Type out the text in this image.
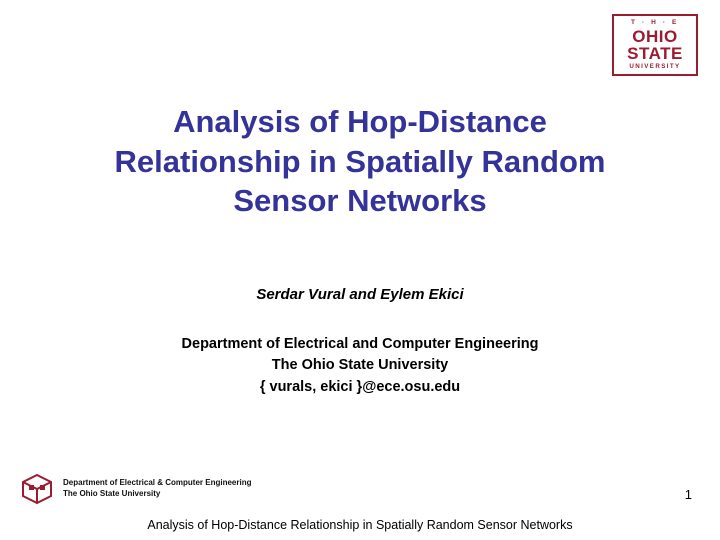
T · H · E
OHIO
STATE
UNIVERSITY
Analysis of Hop-Distance
Relationship in Spatially Random
Sensor Networks
Serdar Vural and Eylem Ekici
Department of Electrical and Computer Engineering
The Ohio State University
{ vurals, ekici }@ece.osu.edu
Department of Electrical & Computer Engineering
The Ohio State University	1
Analysis of Hop-Distance Relationship in Spatially Random Sensor Networks
